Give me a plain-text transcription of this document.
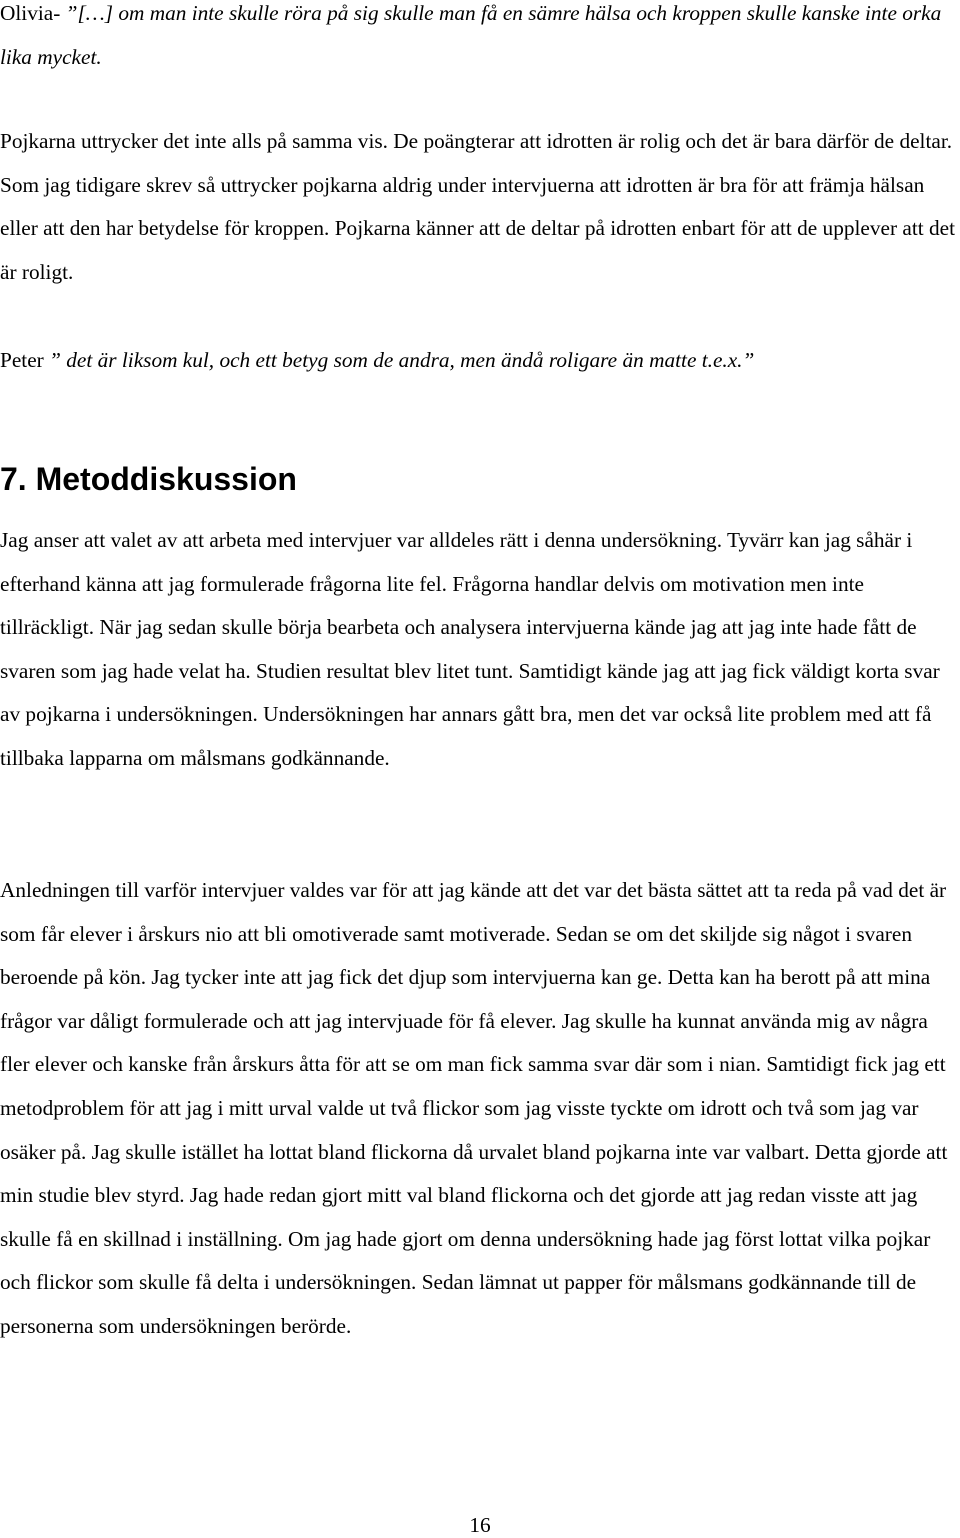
Olivia- ”[…] om man inte skulle röra på sig skulle man få en sämre hälsa och kroppen skulle kanske inte orka lika mycket.

Pojkarna uttrycker det inte alls på samma vis. De poängterar att idrotten är rolig och det är bara därför de deltar. Som jag tidigare skrev så uttrycker pojkarna aldrig under intervjuerna att idrotten är bra för att främja hälsan eller att den har betydelse för kroppen. Pojkarna känner att de deltar på idrotten enbart för att de upplever att det är roligt.

Peter ” det är liksom kul, och ett betyg som de andra, men ändå roligare än matte t.e.x.”

7. Metoddiskussion

Jag anser att valet av att arbeta med intervjuer var alldeles rätt i denna undersökning. Tyvärr kan jag såhär i efterhand känna att jag formulerade frågorna lite fel. Frågorna handlar delvis om motivation men inte tillräckligt. När jag sedan skulle börja bearbeta och analysera intervjuerna kände jag att jag inte hade fått de svaren som jag hade velat ha. Studien resultat blev litet tunt. Samtidigt kände jag att jag fick väldigt korta svar av pojkarna i undersökningen. Undersökningen har annars gått bra, men det var också lite problem med att få tillbaka lapparna om målsmans godkännande.

Anledningen till varför intervjuer valdes var för att jag kände att det var det bästa sättet att ta reda på vad det är som får elever i årskurs nio att bli omotiverade samt motiverade. Sedan se om det skiljde sig något i svaren beroende på kön. Jag tycker inte att jag fick det djup som intervjuerna kan ge. Detta kan ha berott på att mina frågor var dåligt formulerade och att jag intervjuade för få elever. Jag skulle ha kunnat använda mig av några fler elever och kanske från årskurs åtta för att se om man fick samma svar där som i nian. Samtidigt fick jag ett metodproblem för att jag i mitt urval valde ut två flickor som jag visste tyckte om idrott och två som jag var osäker på. Jag skulle istället ha lottat bland flickorna då urvalet bland pojkarna inte var valbart. Detta gjorde att min studie blev styrd. Jag hade redan gjort mitt val bland flickorna och det gjorde att jag redan visste att jag skulle få en skillnad i inställning. Om jag hade gjort om denna undersökning hade jag först lottat vilka pojkar och flickor som skulle få delta i undersökningen. Sedan lämnat ut papper för målsmans godkännande till de personerna som undersökningen berörde.

16
